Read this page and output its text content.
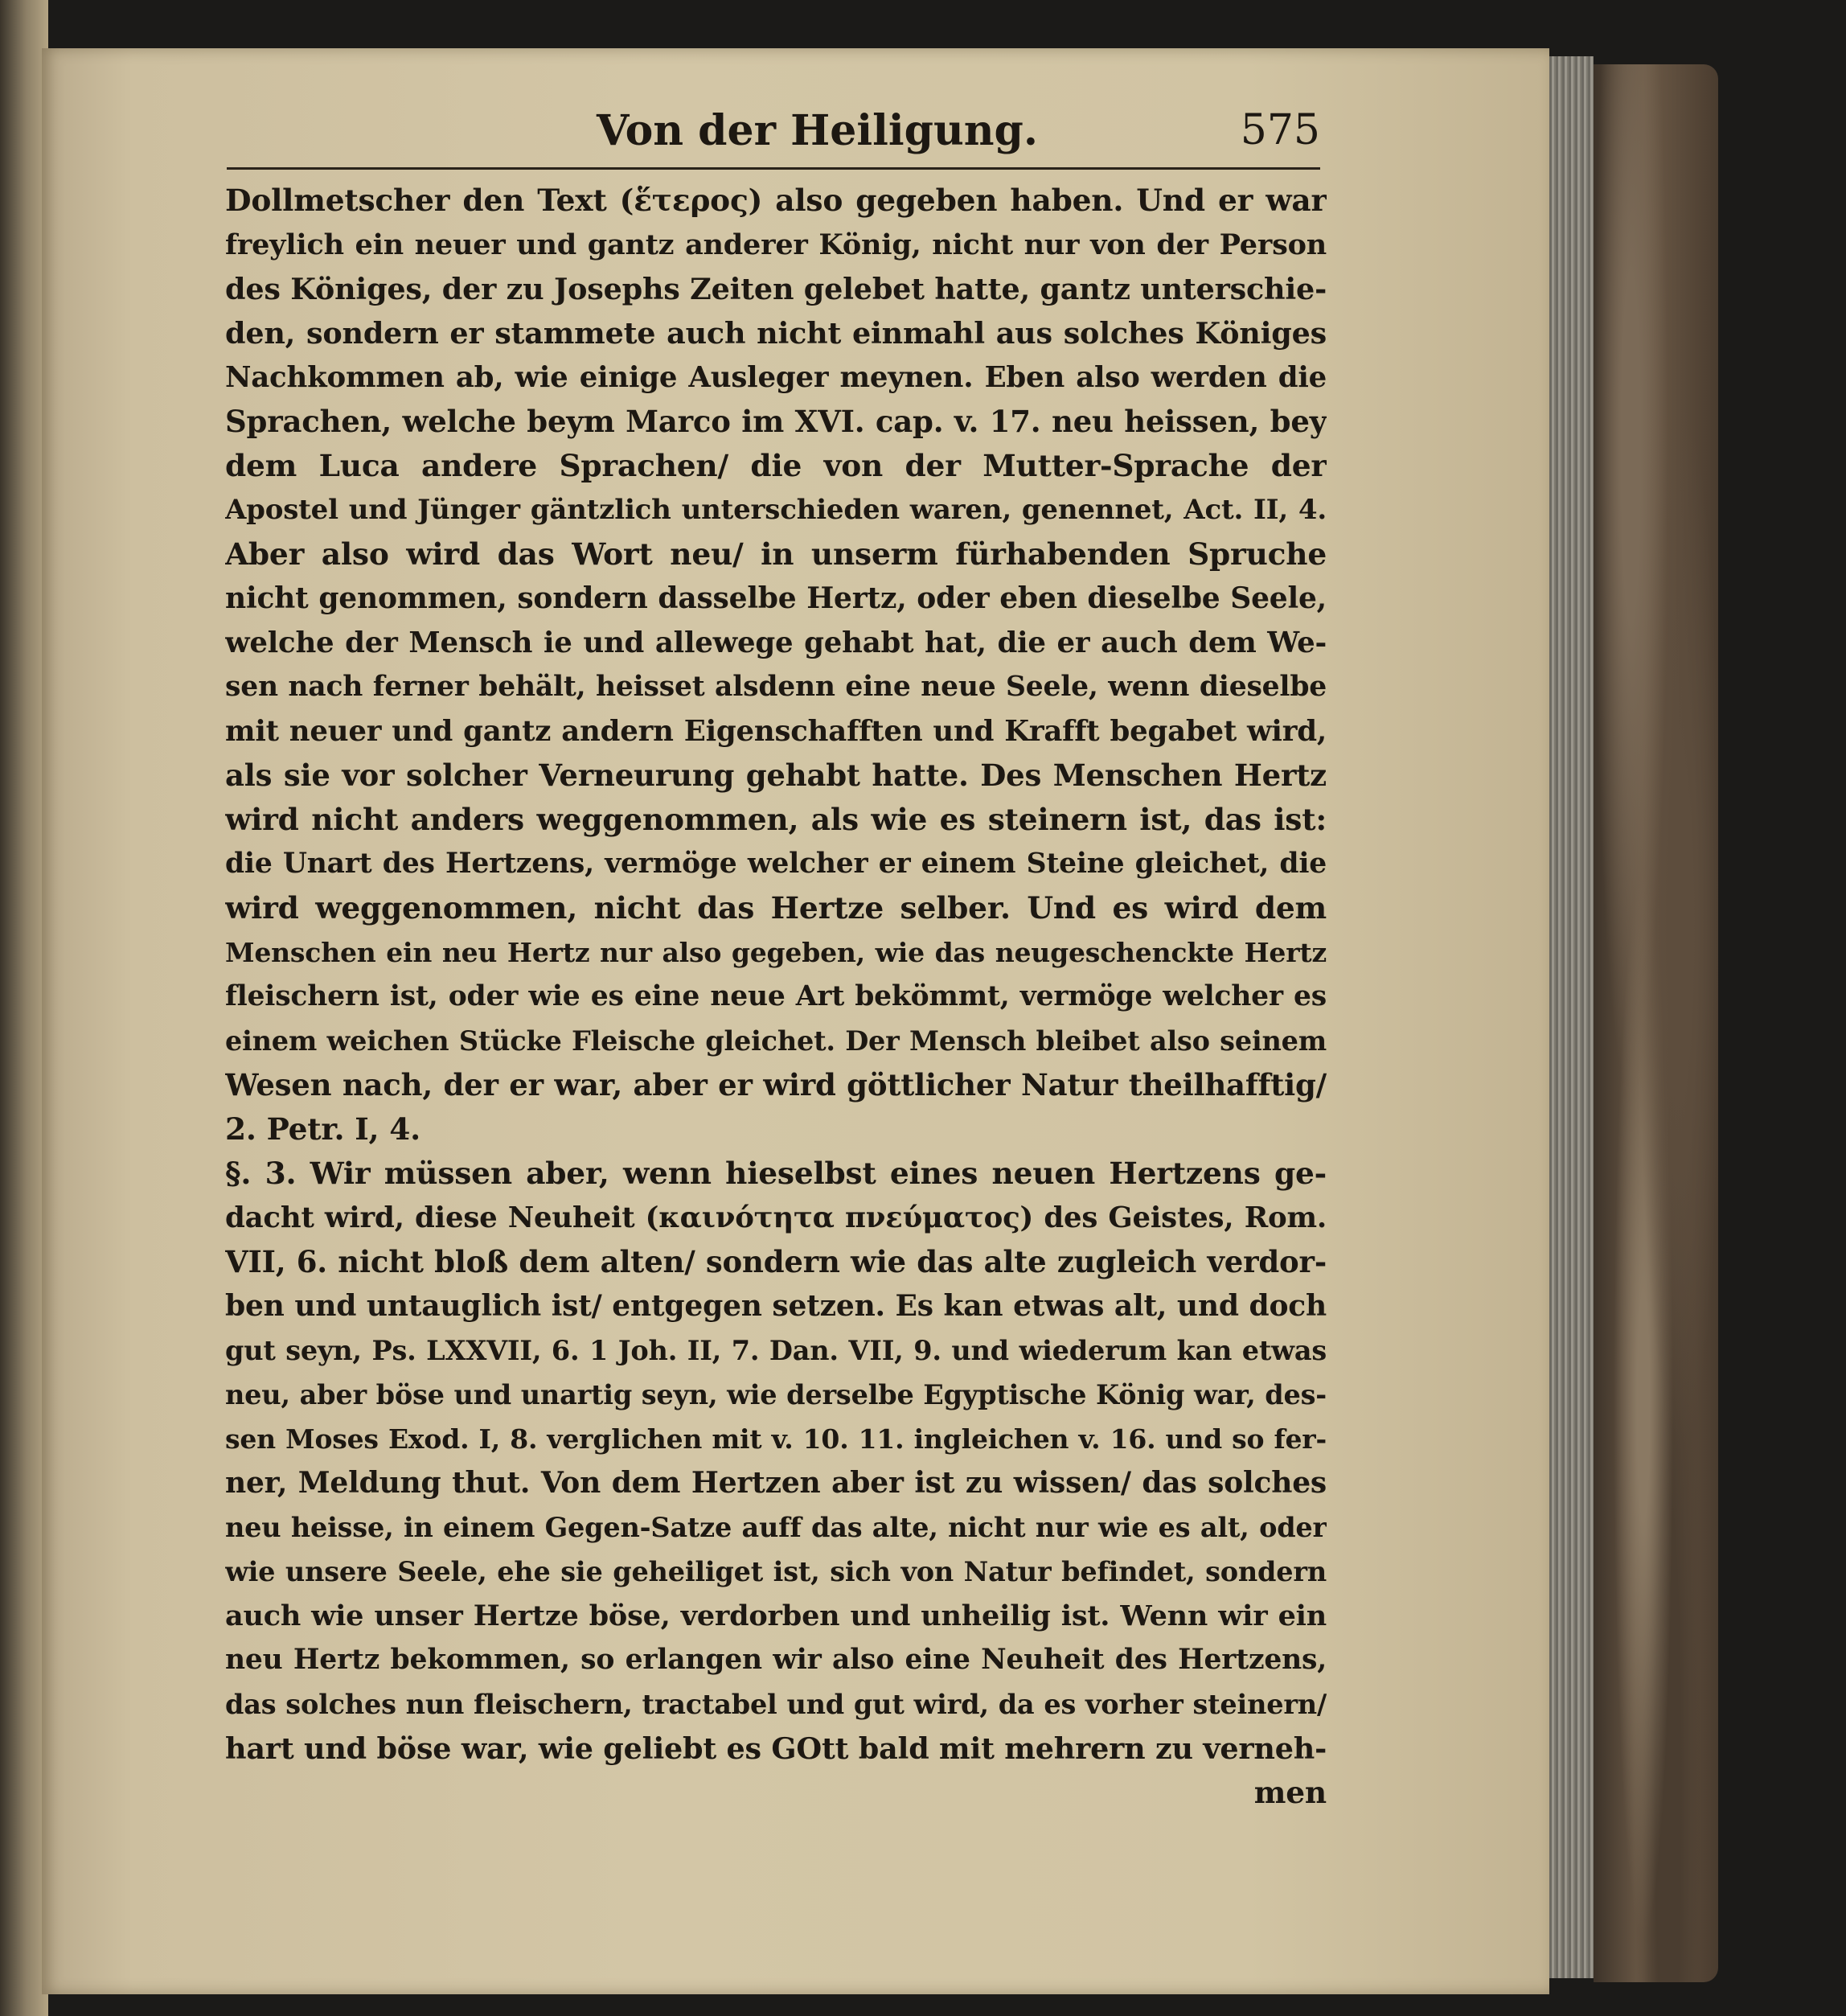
Von der Heiligung.	575
Dollmetscher den Text (ἕτερος) also gegeben haben. Und er war
freylich ein neuer und gantz anderer König, nicht nur von der Person
des Königes, der zu Josephs Zeiten gelebet hatte, gantz unterschie-
den, sondern er stammete auch nicht einmahl aus solches Königes
Nachkommen ab, wie einige Ausleger meynen. Eben also werden die
Sprachen, welche beym Marco im XVI. cap. v. 17. neu heissen, bey
dem Luca andere Sprachen/ die von der Mutter-Sprache der
Apostel und Jünger gäntzlich unterschieden waren, genennet, Act. II, 4.
Aber also wird das Wort neu/ in unserm fürhabenden Spruche
nicht genommen, sondern dasselbe Hertz, oder eben dieselbe Seele,
welche der Mensch ie und allewege gehabt hat, die er auch dem We-
sen nach ferner behält, heisset alsdenn eine neue Seele, wenn dieselbe
mit neuer und gantz andern Eigenschafften und Krafft begabet wird,
als sie vor solcher Verneurung gehabt hatte. Des Menschen Hertz
wird nicht anders weggenommen, als wie es steinern ist, das ist:
die Unart des Hertzens, vermöge welcher er einem Steine gleichet, die
wird weggenommen, nicht das Hertze selber. Und es wird dem
Menschen ein neu Hertz nur also gegeben, wie das neugeschenckte Hertz
fleischern ist, oder wie es eine neue Art bekömmt, vermöge welcher es
einem weichen Stücke Fleische gleichet. Der Mensch bleibet also seinem
Wesen nach, der er war, aber er wird göttlicher Natur theilhafftig/
2. Petr. I, 4.
§. 3. Wir müssen aber, wenn hieselbst eines neuen Hertzens ge-
dacht wird, diese Neuheit (καινότητα πνεύματος) des Geistes, Rom.
VII, 6. nicht bloß dem alten/ sondern wie das alte zugleich verdor-
ben und untauglich ist/ entgegen setzen. Es kan etwas alt, und doch
gut seyn, Ps. LXXVII, 6. 1 Joh. II, 7. Dan. VII, 9. und wiederum kan etwas
neu, aber böse und unartig seyn, wie derselbe Egyptische König war, des-
sen Moses Exod. I, 8. verglichen mit v. 10. 11. ingleichen v. 16. und so fer-
ner, Meldung thut. Von dem Hertzen aber ist zu wissen/ das solches
neu heisse, in einem Gegen-Satze auff das alte, nicht nur wie es alt, oder
wie unsere Seele, ehe sie geheiliget ist, sich von Natur befindet, sondern
auch wie unser Hertze böse, verdorben und unheilig ist. Wenn wir ein
neu Hertz bekommen, so erlangen wir also eine Neuheit des Hertzens,
das solches nun fleischern, tractabel und gut wird, da es vorher steinern/
hart und böse war, wie geliebt es GOtt bald mit mehrern zu verneh-
men
